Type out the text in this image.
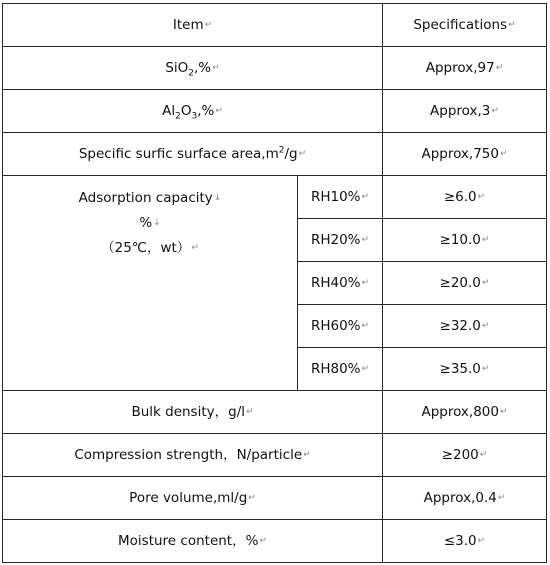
Item↵		Specifications↵
SiO$_2$,%↵		Approx,97↵
$Al_2O_3,\%↵$		Approx,3↵
Specific surfic surface $area,m^2/g↵$		Approx,750↵

Adsorption capacity↓
%↓
（25℃，wt）↵	RH10%↵	≥6.0↵
	RH20%↵	≥10.0↵
	RH40%↵	≥20.0↵
	RH60%↵	≥32.0↵
	RH80%↵	≥35.0↵
Bulk density，g/l↵		Approx,800↵
Compression strength，N/particle↵		≥200↵
Pore volume,ml/g↵		Approx,0.4↵
Moisture content，%↵		≤3.0↵
